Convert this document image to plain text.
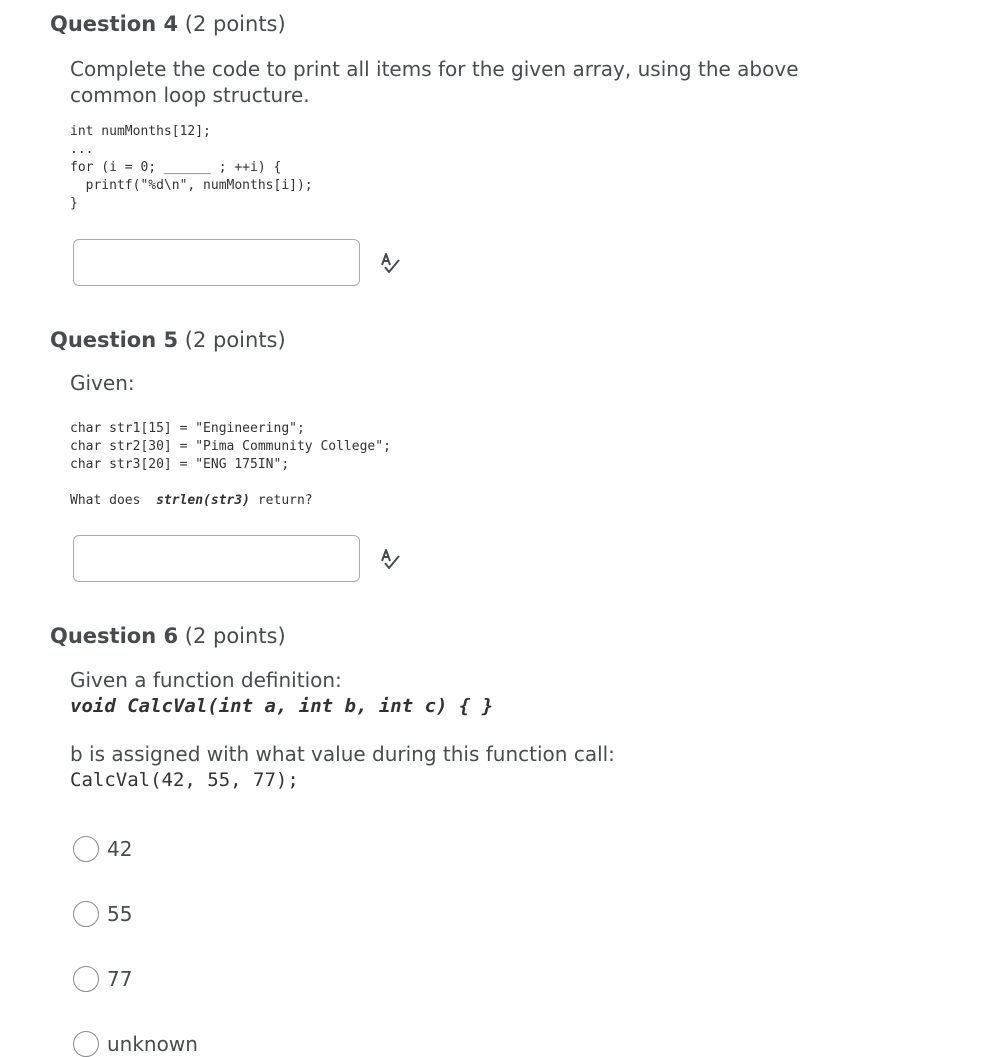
Question 4 (2 points)
Complete the code to print all items for the given array, using the above common loop structure.
int numMonths[12];
...
for (i = 0; ______ ; ++i) {
printf("%d\n", numMonths[i]);
}
Question 5 (2 points)
Given:
char str1[15] = "Engineering";
char str2[30] = "Pima Community College";
char str3[20] = "ENG 175IN";
What does  strlen(str3) return?
Question 6 (2 points)
Given a function definition:
void CalcVal(int a, int b, int c) { }
b is assigned with what value during this function call:
CalcVal(42, 55, 77);
42
55
77
unknown
